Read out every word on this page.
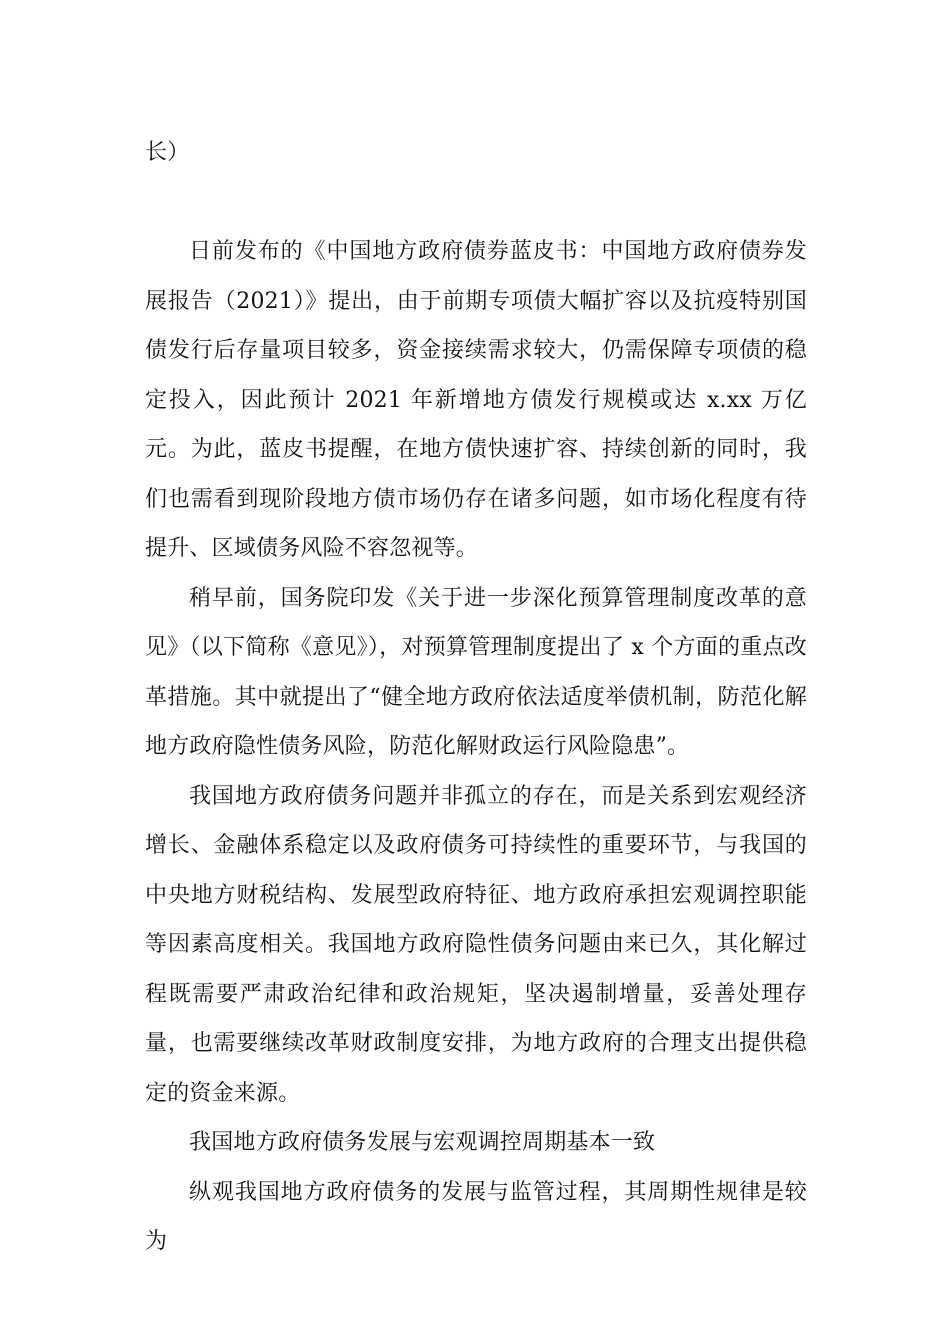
长）

日前发布的《中国地方政府债券蓝皮书：中国地方政府债券发展报告（2021）》提出，由于前期专项债大幅扩容以及抗疫特别国债发行后存量项目较多，资金接续需求较大，仍需保障专项债的稳定投入，因此预计 2021 年新增地方债发行规模或达 x.xx 万亿元。为此，蓝皮书提醒，在地方债快速扩容、持续创新的同时，我们也需看到现阶段地方债市场仍存在诸多问题，如市场化程度有待提升、区域债务风险不容忽视等。

稍早前，国务院印发《关于进一步深化预算管理制度改革的意见》（以下简称《意见》），对预算管理制度提出了 x 个方面的重点改革措施。其中就提出了“健全地方政府依法适度举债机制，防范化解地方政府隐性债务风险，防范化解财政运行风险隐患”。

我国地方政府债务问题并非孤立的存在，而是关系到宏观经济增长、金融体系稳定以及政府债务可持续性的重要环节，与我国的中央地方财税结构、发展型政府特征、地方政府承担宏观调控职能等因素高度相关。我国地方政府隐性债务问题由来已久，其化解过程既需要严肃政治纪律和政治规矩，坚决遏制增量，妥善处理存量，也需要继续改革财政制度安排，为地方政府的合理支出提供稳定的资金来源。

我国地方政府债务发展与宏观调控周期基本一致

纵观我国地方政府债务的发展与监管过程，其周期性规律是较为
